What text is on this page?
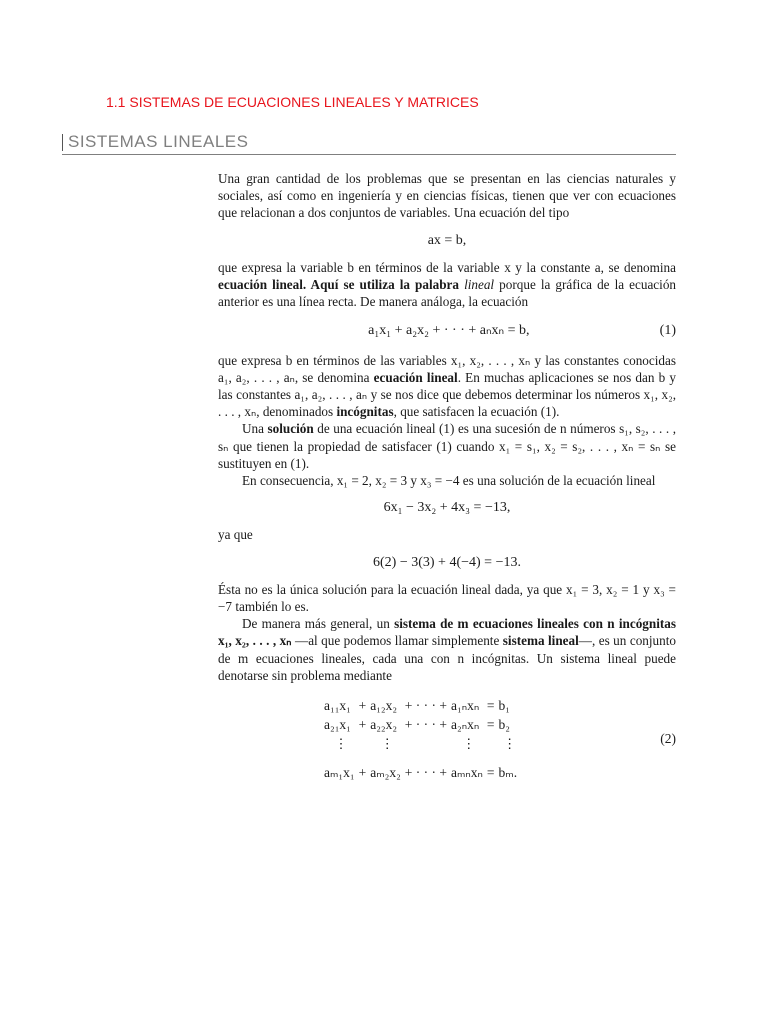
1.1 SISTEMAS DE ECUACIONES LINEALES Y MATRICES
SISTEMAS LINEALES

Una gran cantidad de los problemas que se presentan en las ciencias naturales y sociales, así como en ingeniería y en ciencias físicas, tienen que ver con ecuaciones que relacionan a dos conjuntos de variables. Una ecuación del tipo

ax = b,

que expresa la variable b en términos de la variable x y la constante a, se denomina ecuación lineal. Aquí se utiliza la palabra lineal porque la gráfica de la ecuación anterior es una línea recta. De manera análoga, la ecuación

a₁x₁ + a₂x₂ + · · · + aₙxₙ = b,	(1)

que expresa b en términos de las variables x₁, x₂, . . . , xₙ y las constantes conocidas a₁, a₂, . . . , aₙ, se denomina ecuación lineal. En muchas aplicaciones se nos dan b y las constantes a₁, a₂, . . . , aₙ y se nos dice que debemos determinar los números x₁, x₂, . . . , xₙ, denominados incógnitas, que satisfacen la ecuación (1).

Una solución de una ecuación lineal (1) es una sucesión de n números s₁, s₂, . . . , sₙ que tienen la propiedad de satisfacer (1) cuando x₁ = s₁, x₂ = s₂, . . . , xₙ = sₙ se sustituyen en (1).

En consecuencia, x₁ = 2, x₂ = 3 y x₃ = −4 es una solución de la ecuación lineal

6x₁ − 3x₂ + 4x₃ = −13,

ya que

6(2) − 3(3) + 4(−4) = −13.

Ésta no es la única solución para la ecuación lineal dada, ya que x₁ = 3, x₂ = 1 y x₃ = −7 también lo es.

De manera más general, un sistema de m ecuaciones lineales con n incógnitas x₁, x₂, . . . , xₙ —al que podemos llamar simplemente sistema lineal—, es un conjunto de m ecuaciones lineales, cada una con n incógnitas. Un sistema lineal puede denotarse sin problema mediante

a₁₁x₁	+	a₁₂x₂	+ · · · +	a₁ₙxₙ	=	b₁
a₂₁x₁	+	a₂₂x₂	+ · · · +	a₂ₙxₙ	=	b₂
⋮		⋮		⋮		⋮
aₘ₁x₁	+	aₘ₂x₂	+ · · · +	aₘₙxₙ	=	bₘ.
(2)
